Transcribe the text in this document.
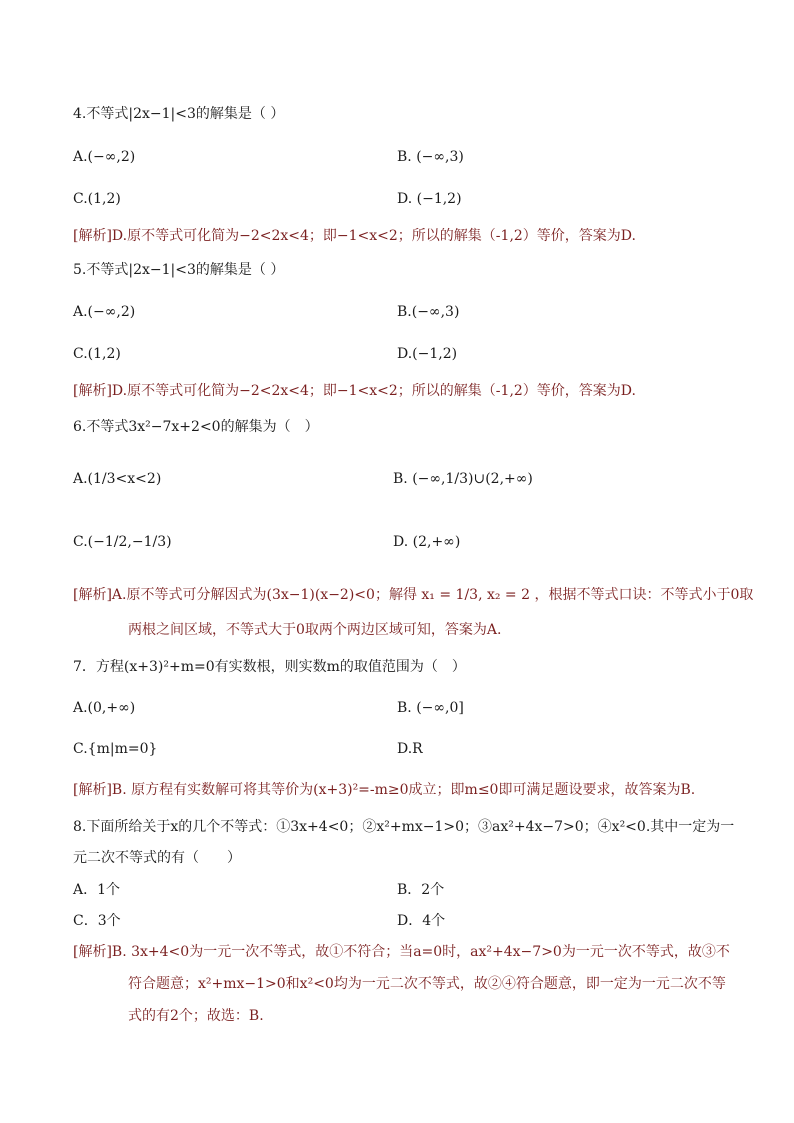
4.不等式|2x−1|<3的解集是（ ）
A.(−∞,2)	B. (−∞,3)
C.(1,2)	D. (−1,2)
[解析]D.原不等式可化简为−2<2x<4；即−1<x<2；所以的解集（-1,2）等价，答案为D.
5.不等式|2x−1|<3的解集是（ ）
A.(−∞,2)	B.(−∞,3)
C.(1,2)	D.(−1,2)
[解析]D.原不等式可化简为−2<2x<4；即−1<x<2；所以的解集（-1,2）等价，答案为D.
6.不等式3x²−7x+2<0的解集为（　）
A.(1/3<x<2)	B. (−∞,1/3)∪(2,+∞)
C.(−1/2,−1/3)	D. (2,+∞)
[解析]A.原不等式可分解因式为(3x−1)(x−2)<0；解得 x₁ = 1/3, x₂ = 2 ，根据不等式口诀：不等式小于0取
两根之间区域，不等式大于0取两个两边区域可知，答案为A.
7．方程(x+3)²+m=0有实数根，则实数m的取值范围为（　）
A.(0,+∞)	B. (−∞,0]
C.{m|m=0}	D.R
[解析]B. 原方程有实数解可将其等价为(x+3)²=-m≥0成立；即m≤0即可满足题设要求，故答案为B.
8.下面所给关于x的几个不等式：①3x+4<0；②x²+mx−1>0；③ax²+4x−7>0；④x²<0.其中一定为一
元二次不等式的有（　　）
A．1个	B．2个
C．3个	D．4个
[解析]B. 3x+4<0为一元一次不等式，故①不符合；当a=0时，ax²+4x−7>0为一元一次不等式，故③不
符合题意；x²+mx−1>0和x²<0均为一元二次不等式，故②④符合题意，即一定为一元二次不等
式的有2个；故选：B.
